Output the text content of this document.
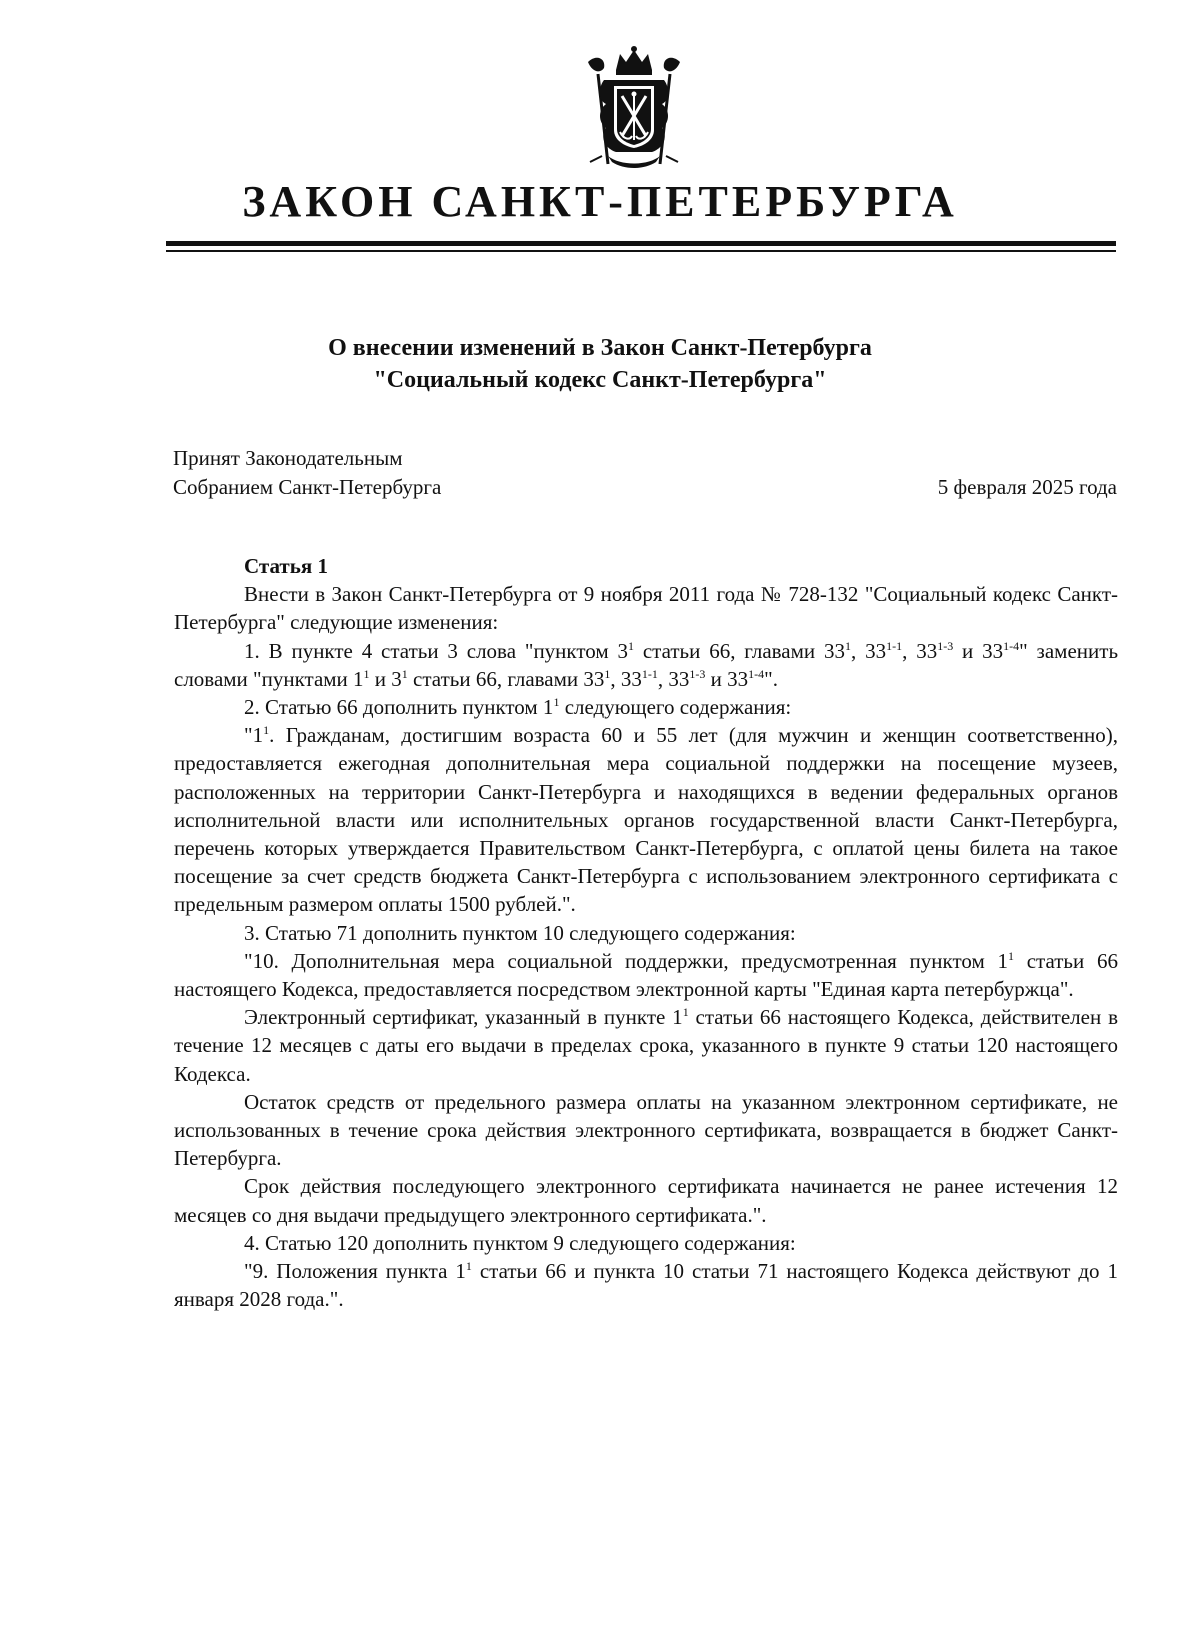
ЗАКОН САНКТ-ПЕТЕРБУРГА
О внесении изменений в Закон Санкт-Петербурга
"Социальный кодекс Санкт-Петербурга"
Принят Законодательным
Собранием Санкт-Петербурга	5 февраля 2025 года

Статья 1

Внести в Закон Санкт-Петербурга от 9 ноября 2011 года № 728-132 "Социальный кодекс Санкт-Петербурга" следующие изменения:

1. В пункте 4 статьи 3 слова "пунктом $3^1$ статьи 66, главами $33^1$, 33$^{1-1}$, 33$^{1-3}$ и 33$^{1-4}$" заменить словами "пунктами $1^1$ и $3^1$ статьи 66, главами $33^1$, 33$^{1-1}$, 33$^{1-3}$ и 33$^{1-4}$".

2. Статью 66 дополнить пунктом $1^1$ следующего содержания:

"$1^1$. Гражданам, достигшим возраста 60 и 55 лет (для мужчин и женщин соответственно), предоставляется ежегодная дополнительная мера социальной поддержки на посещение музеев, расположенных на территории Санкт-Петербурга и находящихся в ведении федеральных органов исполнительной власти или исполнительных органов государственной власти Санкт-Петербурга, перечень которых утверждается Правительством Санкт-Петербурга, с оплатой цены билета на такое посещение за счет средств бюджета Санкт-Петербурга с использованием электронного сертификата с предельным размером оплаты 1500 рублей.".

3. Статью 71 дополнить пунктом 10 следующего содержания:

"10. Дополнительная мера социальной поддержки, предусмотренная пунктом $1^1$ статьи 66 настоящего Кодекса, предоставляется посредством электронной карты "Единая карта петербуржца".

Электронный сертификат, указанный в пункте $1^1$ статьи 66 настоящего Кодекса, действителен в течение 12 месяцев с даты его выдачи в пределах срока, указанного в пункте 9 статьи 120 настоящего Кодекса.

Остаток средств от предельного размера оплаты на указанном электронном сертификате, не использованных в течение срока действия электронного сертификата, возвращается в бюджет Санкт-Петербурга.

Срок действия последующего электронного сертификата начинается не ранее истечения 12 месяцев со дня выдачи предыдущего электронного сертификата.".

4. Статью 120 дополнить пунктом 9 следующего содержания:

"9. Положения пункта $1^1$ статьи 66 и пункта 10 статьи 71 настоящего Кодекса действуют до 1 января 2028 года.".
